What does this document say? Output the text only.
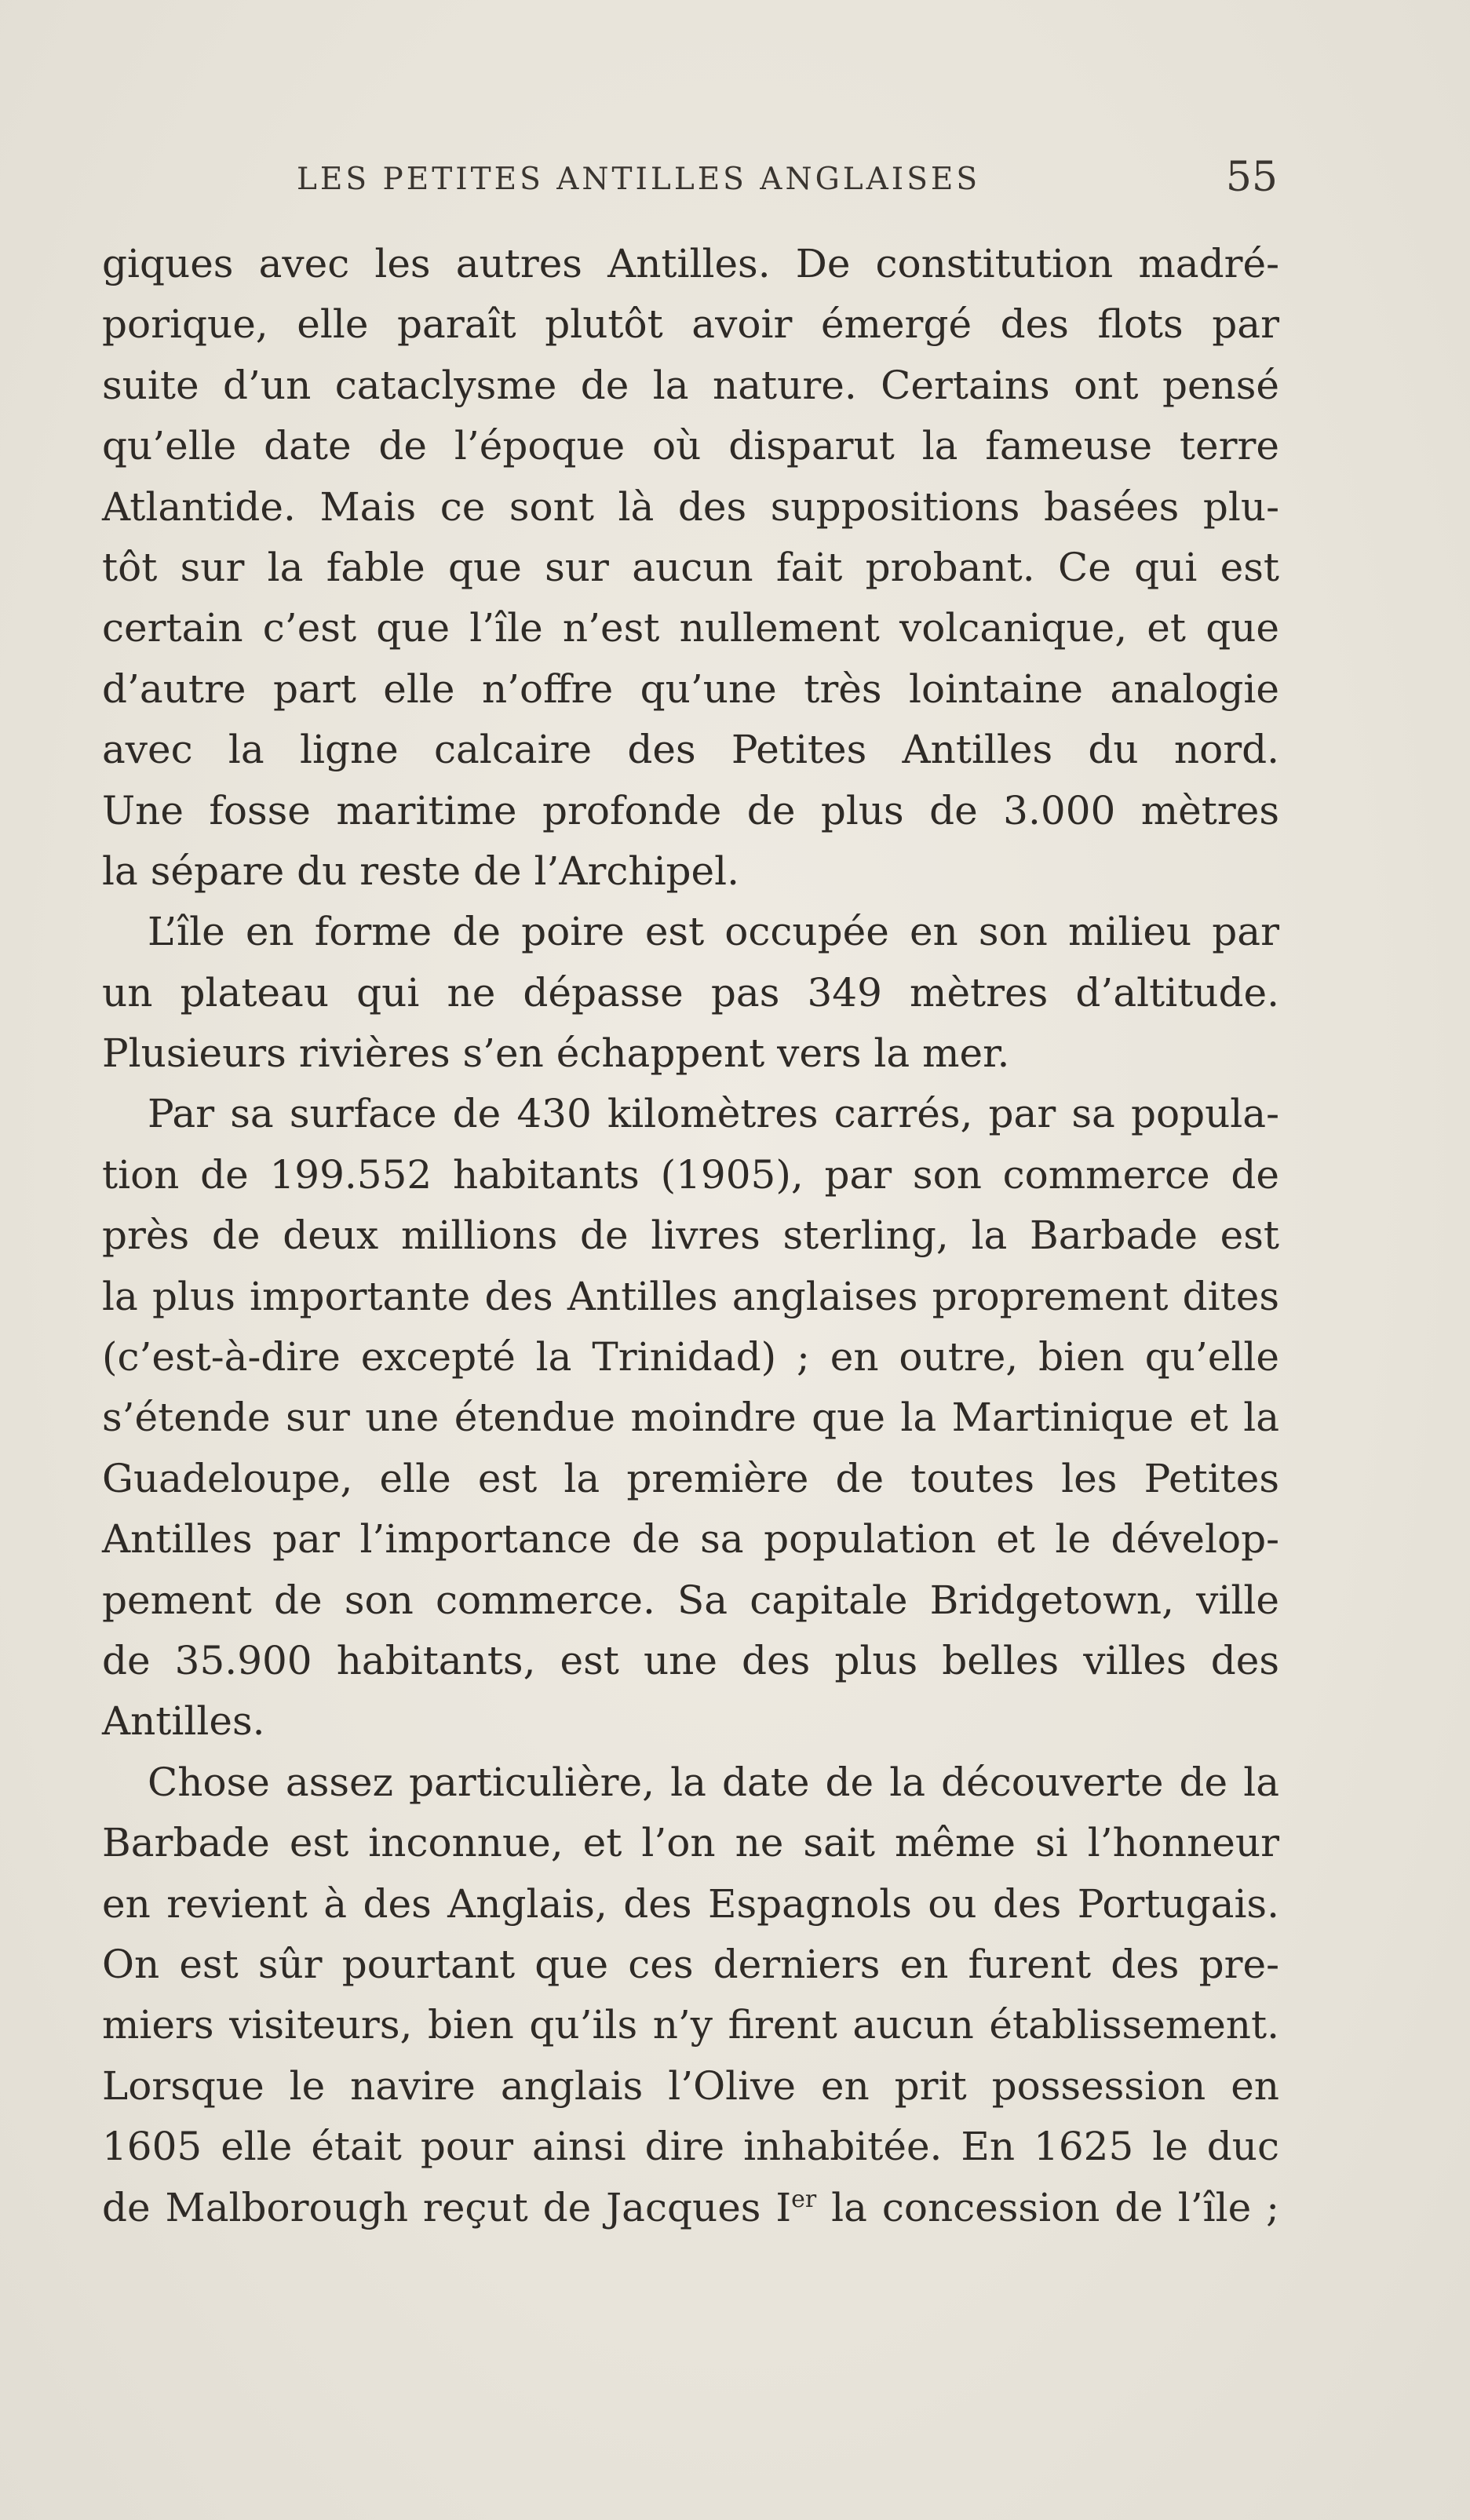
LES PETITES ANTILLES ANGLAISES	55
giques avec les autres Antilles. De constitution madré-
porique, elle paraît plutôt avoir émergé des flots par
suite d’un cataclysme de la nature. Certains ont pensé
qu’elle date de l’époque où disparut la fameuse terre
Atlantide. Mais ce sont là des suppositions basées plu-
tôt sur la fable que sur aucun fait probant. Ce qui est
certain c’est que l’île n’est nullement volcanique, et que
d’autre part elle n’offre qu’une très lointaine analogie
avec la ligne calcaire des Petites Antilles du nord.
Une fosse maritime profonde de plus de 3.000 mètres
la sépare du reste de l’Archipel.
L’île en forme de poire est occupée en son milieu par
un plateau qui ne dépasse pas 349 mètres d’altitude.
Plusieurs rivières s’en échappent vers la mer.
Par sa surface de 430 kilomètres carrés, par sa popula-
tion de 199.552 habitants (1905), par son commerce de
près de deux millions de livres sterling, la Barbade est
la plus importante des Antilles anglaises proprement dites
(c’est-à-dire excepté la Trinidad) ; en outre, bien qu’elle
s’étende sur une étendue moindre que la Martinique et la
Guadeloupe, elle est la première de toutes les Petites
Antilles par l’importance de sa population et le dévelop-
pement de son commerce. Sa capitale Bridgetown, ville
de 35.900 habitants, est une des plus belles villes des
Antilles.
Chose assez particulière, la date de la découverte de la
Barbade est inconnue, et l’on ne sait même si l’honneur
en revient à des Anglais, des Espagnols ou des Portugais.
On est sûr pourtant que ces derniers en furent des pre-
miers visiteurs, bien qu’ils n’y firent aucun établissement.
Lorsque le navire anglais l’Olive en prit possession en
1605 elle était pour ainsi dire inhabitée. En 1625 le duc
de Malborough reçut de Jacques Ier la concession de l’île ;
